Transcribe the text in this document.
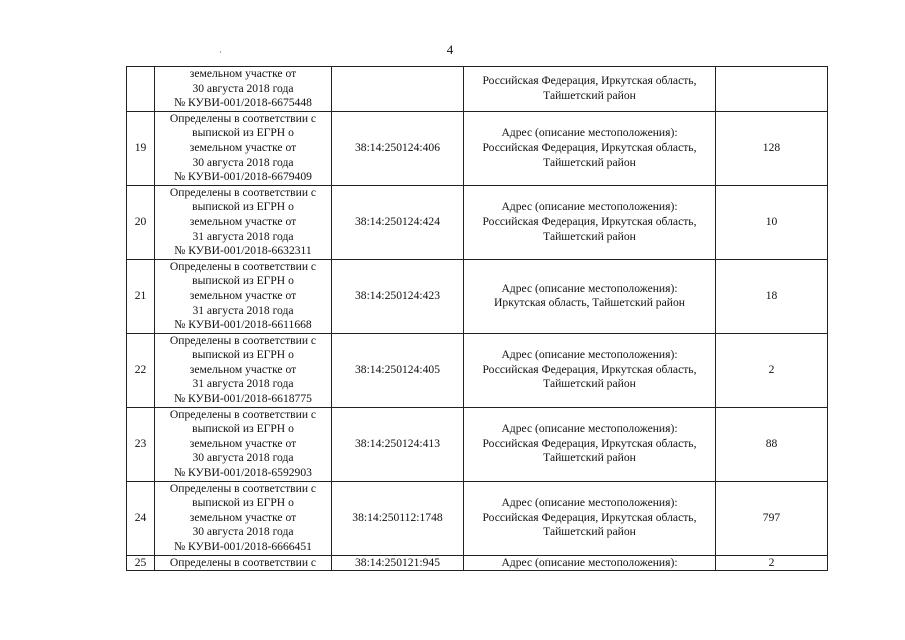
4
·

	земельном участке от
30 августа 2018 года
№ КУВИ-001/2018-6675448		Российская Федерация, Иркутская область,
Тайшетский район	

19	Определены в соответствии с
выпиской из ЕГРН о
земельном участке от
30 августа 2018 года
№ КУВИ-001/2018-6679409	38:14:250124:406	Адрес (описание местоположения):
Российская Федерация, Иркутская область,
Тайшетский район	128
20	Определены в соответствии с
выпиской из ЕГРН о
земельном участке от
31 августа 2018 года
№ КУВИ-001/2018-6632311	38:14:250124:424	Адрес (описание местоположения):
Российская Федерация, Иркутская область,
Тайшетский район	10
21	Определены в соответствии с
выпиской из ЕГРН о
земельном участке от
31 августа 2018 года
№ КУВИ-001/2018-6611668	38:14:250124:423	Адрес (описание местоположения):
Иркутская область, Тайшетский район	18
22	Определены в соответствии с
выпиской из ЕГРН о
земельном участке от
31 августа 2018 года
№ КУВИ-001/2018-6618775	38:14:250124:405	Адрес (описание местоположения):
Российская Федерация, Иркутская область,
Тайшетский район	2
23	Определены в соответствии с
выпиской из ЕГРН о
земельном участке от
30 августа 2018 года
№ КУВИ-001/2018-6592903	38:14:250124:413	Адрес (описание местоположения):
Российская Федерация, Иркутская область,
Тайшетский район	88
24	Определены в соответствии с
выпиской из ЕГРН о
земельном участке от
30 августа 2018 года
№ КУВИ-001/2018-6666451	38:14:250112:1748	Адрес (описание местоположения):
Российская Федерация, Иркутская область,
Тайшетский район	797
25	Определены в соответствии с	38:14:250121:945	Адрес (описание местоположения):	2
